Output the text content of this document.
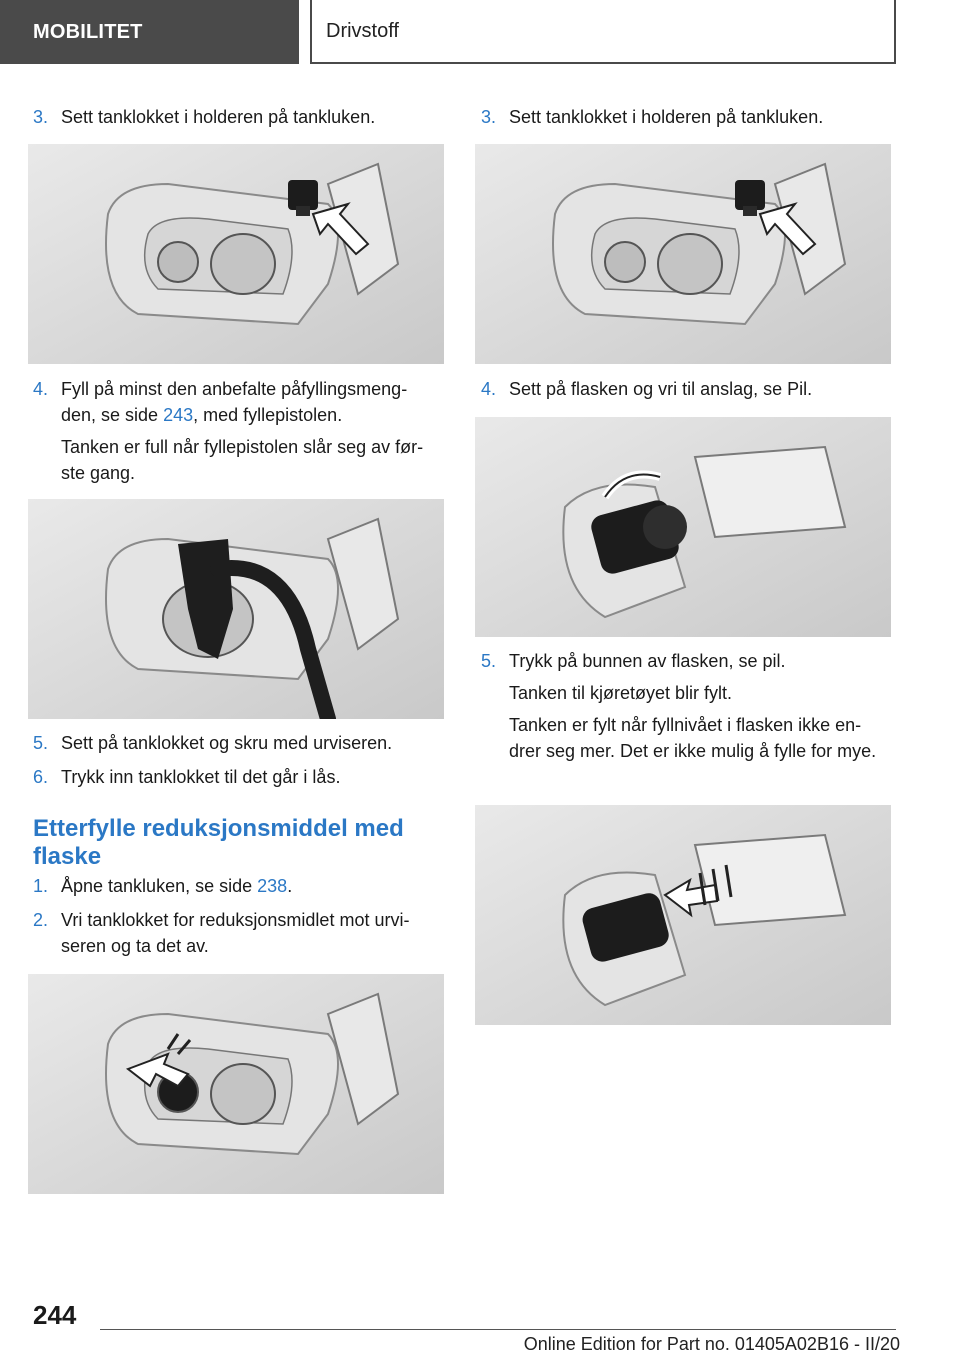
MOBILITET	Drivstoff

3. Sett tanklokket i holderen på tankluken.

4. Fyll på minst den anbefalte påfyllingsmeng- den, se side 243, med fyllepistolen.

Tanken er full når fyllepistolen slår seg av før- ste gang.

5. Sett på tanklokket og skru med urviseren.

6. Trykk inn tanklokket til det går i lås.

Etterfylle reduksjonsmiddel med flaske

1. Åpne tankluken, se side 238.

2. Vri tanklokket for reduksjonsmidlet mot urvi- seren og ta det av.

3. Sett tanklokket i holderen på tankluken.

4. Sett på flasken og vri til anslag, se Pil.

5. Trykk på bunnen av flasken, se pil.

Tanken til kjøretøyet blir fylt.

Tanken er fylt når fyllnivået i flasken ikke en- drer seg mer. Det er ikke mulig å fylle for mye.

244
Online Edition for Part no. 01405A02B16 - II/20
